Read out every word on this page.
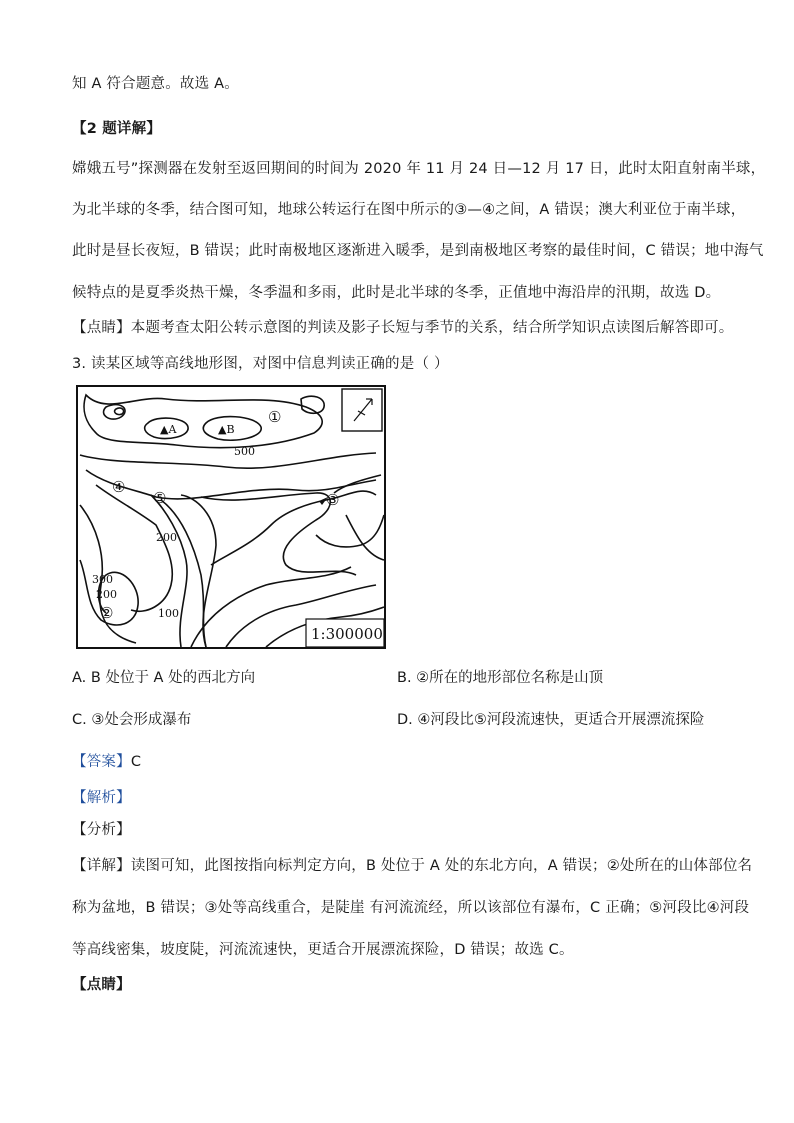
知 A 符合题意。故选 A。
【2 题详解】
嫦娥五号”探测器在发射至返回期间的时间为 2020 年 11 月 24 日—12 月 17 日，此时太阳直射南半球，
为北半球的冬季，结合图可知，地球公转运行在图中所示的③—④之间，A 错误；澳大利亚位于南半球，
此时是昼长夜短，B 错误；此时南极地区逐渐进入暖季，是到南极地区考察的最佳时间，C 错误；地中海气
候特点的是夏季炎热干燥，冬季温和多雨，此时是北半球的冬季，正值地中海沿岸的汛期，故选 D。
【点睛】本题考查太阳公转示意图的判读及影子长短与季节的关系，结合所学知识点读图后解答即可。
3. 读某区域等高线地形图，对图中信息判读正确的是（ ）
▲A	▲B
①
②
③
④
⑤
500
200
300
200
100
1:300000
A. B 处位于 A 处的西北方向	B. ②所在的地形部位名称是山顶
C. ③处会形成瀑布	D. ④河段比⑤河段流速快，更适合开展漂流探险
【答案】C
【解析】
【分析】
【详解】读图可知，此图按指向标判定方向，B 处位于 A 处的东北方向，A 错误；②处所在的山体部位名
称为盆地，B 错误；③处等高线重合，是陡崖 有河流流经，所以该部位有瀑布，C 正确；⑤河段比④河段
等高线密集，坡度陡，河流流速快，更适合开展漂流探险，D 错误；故选 C。
【点睛】
